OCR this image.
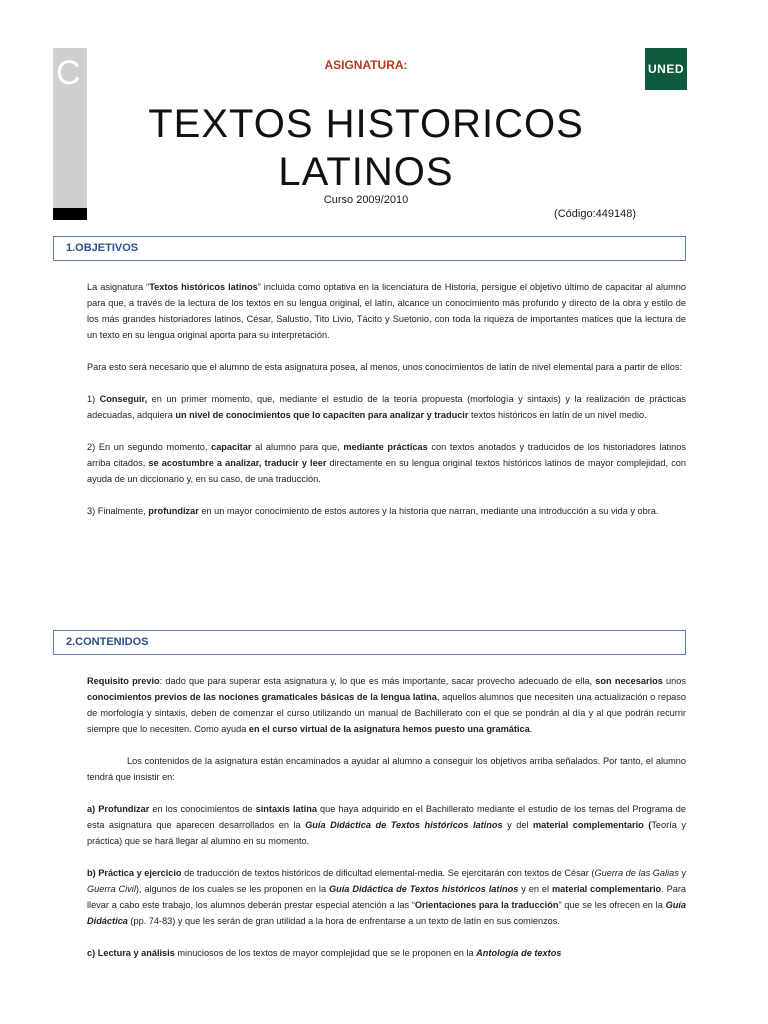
C	UNED
ASIGNATURA:
TEXTOS HISTORICOS
LATINOS
Curso 2009/2010
(Código:449148)
1.OBJETIVOS

La asignatura “Textos históricos latinos” incluida como optativa en la licenciatura de Historia, persigue el objetivo último de capacitar al alumno para que, a través de la lectura de los textos en su lengua original, el latín, alcance un conocimiento más profundo y directo de la obra y estilo de los más grandes historiadores latinos, César, Salustio, Tito Livio, Tácito y Suetonio, con toda la riqueza de importantes matices que la lectura de un texto en su lengua original aporta para su interpretación.

Para esto será necesario que el alumno de esta asignatura posea, al menos, unos conocimientos de latín de nivel elemental para a partir de ellos:

1) Conseguir, en un primer momento, que, mediante el estudio de la teoría propuesta (morfología y sintaxis) y la realización de prácticas adecuadas, adquiera un nivel de conocimientos que lo capaciten para analizar y traducir textos históricos en latín de un nivel medio.

2) En un segundo momento, capacitar al alumno para que, mediante prácticas con textos anotados y traducidos de los historiadores latinos arriba citados, se acostumbre a analizar, traducir y leer directamente en su lengua original textos históricos latinos de mayor complejidad, con ayuda de un diccionario y, en su caso, de una traducción.

3) Finalmente, profundizar en un mayor conocimiento de estos autores y la historia que narran, mediante una introducción a su vida y obra.

2.CONTENIDOS

Requisito previo: dado que para superar esta asignatura y, lo que es más importante, sacar provecho adecuado de ella, son necesarios unos conocimientos previos de las nociones gramaticales básicas de la lengua latina, aquellos alumnos que necesiten una actualización o repaso de morfología y sintaxis, deben de comenzar el curso utilizando un manual de Bachillerato con el que se pondrán al día y al que podrán recurrir siempre que lo necesiten. Como ayuda en el curso virtual de la asignatura hemos puesto una gramática.

Los contenidos de la asignatura están encaminados a ayudar al alumno a conseguir los objetivos arriba señalados. Por tanto, el alumno tendrá que insistir en:

a) Profundizar en los conocimientos de sintaxis latina que haya adquirido en el Bachillerato mediante el estudio de los temas del Programa de esta asignatura que aparecen desarrollados en la Guía Didáctica de Textos históricos latinos y del material complementario (Teoría y práctica) que se hará llegar al alumno en su momento.

b) Práctica y ejercicio de traducción de textos históricos de dificultad elemental-media. Se ejercitarán con textos de César (Guerra de las Galias y Guerra Civil), algunos de los cuales se les proponen en la Guía Didáctica de Textos históricos latinos y en el material complementario. Para llevar a cabo este trabajo, los alumnos deberán prestar especial atención a las “Orientaciones para la traducción” que se les ofrecen en la Guía Didáctica (pp. 74-83) y que les serán de gran utilidad a la hora de enfrentarse a un texto de latín en sus comienzos.

c) Lectura y análisis minuciosos de los textos de mayor complejidad que se le proponen en la Antología de textos
